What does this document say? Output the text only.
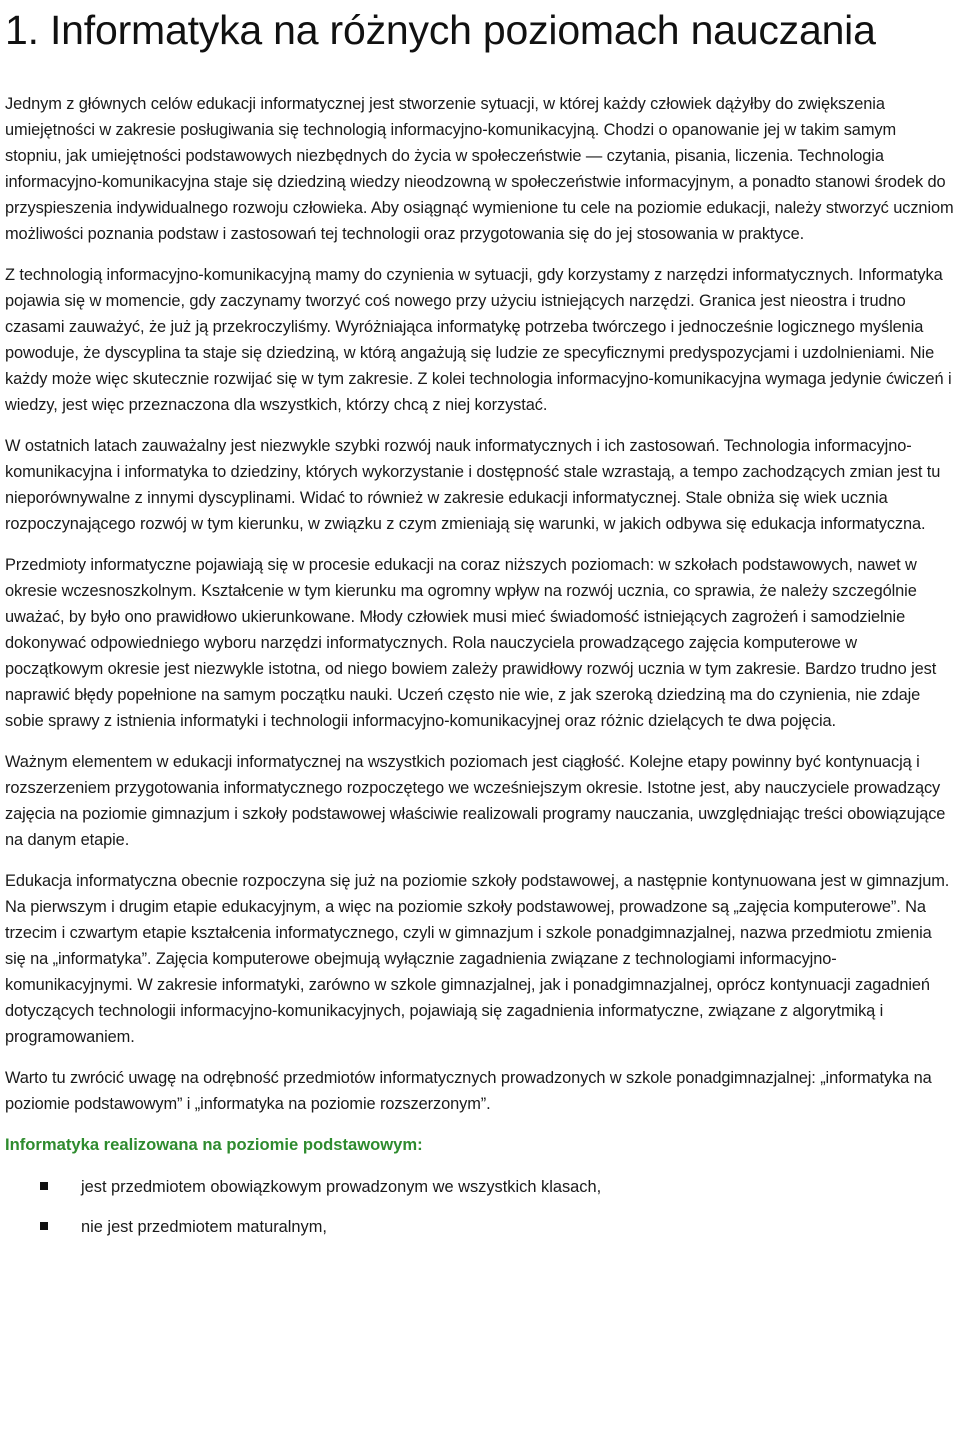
1. Informatyka na różnych poziomach nauczania

Jednym z głównych celów edukacji informatycznej jest stworzenie sytuacji, w której każdy człowiek dążyłby do zwiększenia umiejętności w zakresie posługiwania się technologią informacyjno-komunikacyjną. Chodzi o opanowanie jej w takim samym stopniu, jak umiejętności podstawowych niezbędnych do życia w społeczeństwie — czytania, pisania, liczenia. Technologia informacyjno-komunikacyjna staje się dziedziną wiedzy nieodzowną w społeczeństwie informacyjnym, a ponadto stanowi środek do przyspieszenia indywidualnego rozwoju człowieka. Aby osiągnąć wymienione tu cele na poziomie edukacji, należy stworzyć uczniom możliwości poznania podstaw i zastosowań tej technologii oraz przygotowania się do jej stosowania w praktyce.

Z technologią informacyjno-komunikacyjną mamy do czynienia w sytuacji, gdy korzystamy z narzędzi informatycznych. Informatyka pojawia się w momencie, gdy zaczynamy tworzyć coś nowego przy użyciu istniejących narzędzi. Granica jest nieostra i trudno czasami zauważyć, że już ją przekroczyliśmy. Wyróżniająca informatykę potrzeba twórczego i jednocześnie logicznego myślenia powoduje, że dyscyplina ta staje się dziedziną, w którą angażują się ludzie ze specyficznymi predyspozycjami i uzdolnieniami. Nie każdy może więc skutecznie rozwijać się w tym zakresie. Z kolei technologia informacyjno-komunikacyjna wymaga jedynie ćwiczeń i wiedzy, jest więc przeznaczona dla wszystkich, którzy chcą z niej korzystać.

W ostatnich latach zauważalny jest niezwykle szybki rozwój nauk informatycznych i ich zastosowań. Technologia informacyjno-komunikacyjna i informatyka to dziedziny, których wykorzystanie i dostępność stale wzrastają, a tempo zachodzących zmian jest tu nieporównywalne z innymi dyscyplinami. Widać to również w zakresie edukacji informatycznej. Stale obniża się wiek ucznia rozpoczynającego rozwój w tym kierunku, w związku z czym zmieniają się warunki, w jakich odbywa się edukacja informatyczna.

Przedmioty informatyczne pojawiają się w procesie edukacji na coraz niższych poziomach: w szkołach podstawowych, nawet w okresie wczesnoszkolnym. Kształcenie w tym kierunku ma ogromny wpływ na rozwój ucznia, co sprawia, że należy szczególnie uważać, by było ono prawidłowo ukierunkowane. Młody człowiek musi mieć świadomość istniejących zagrożeń i samodzielnie dokonywać odpowiedniego wyboru narzędzi informatycznych. Rola nauczyciela prowadzącego zajęcia komputerowe w początkowym okresie jest niezwykle istotna, od niego bowiem zależy prawidłowy rozwój ucznia w tym zakresie. Bardzo trudno jest naprawić błędy popełnione na samym początku nauki. Uczeń często nie wie, z jak szeroką dziedziną ma do czynienia, nie zdaje sobie sprawy z istnienia informatyki i technologii informacyjno-komunikacyjnej oraz różnic dzielących te dwa pojęcia.

Ważnym elementem w edukacji informatycznej na wszystkich poziomach jest ciągłość. Kolejne etapy powinny być kontynuacją i rozszerzeniem przygotowania informatycznego rozpoczętego we wcześniejszym okresie. Istotne jest, aby nauczyciele prowadzący zajęcia na poziomie gimnazjum i szkoły podstawowej właściwie realizowali programy nauczania, uwzględniając treści obowiązujące na danym etapie.

Edukacja informatyczna obecnie rozpoczyna się już na poziomie szkoły podstawowej, a następnie kontynuowana jest w gimnazjum. Na pierwszym i drugim etapie edukacyjnym, a więc na poziomie szkoły podstawowej, prowadzone są „zajęcia komputerowe”. Na trzecim i czwartym etapie kształcenia informatycznego, czyli w gimnazjum i szkole ponadgimnazjalnej, nazwa przedmiotu zmienia się na „informatyka”. Zajęcia komputerowe obejmują wyłącznie zagadnienia związane z technologiami informacyjno-komunikacyjnymi. W zakresie informatyki, zarówno w szkole gimnazjalnej, jak i ponadgimnazjalnej, oprócz kontynuacji zagadnień dotyczących technologii informacyjno-komunikacyjnych, pojawiają się zagadnienia informatyczne, związane z algorytmiką i programowaniem.

Warto tu zwrócić uwagę na odrębność przedmiotów informatycznych prowadzonych w szkole ponadgimnazjalnej: „informatyka na poziomie podstawowym” i „informatyka na poziomie rozszerzonym”.

Informatyka realizowana na poziomie podstawowym:
jest przedmiotem obowiązkowym prowadzonym we wszystkich klasach,
nie jest przedmiotem maturalnym,
